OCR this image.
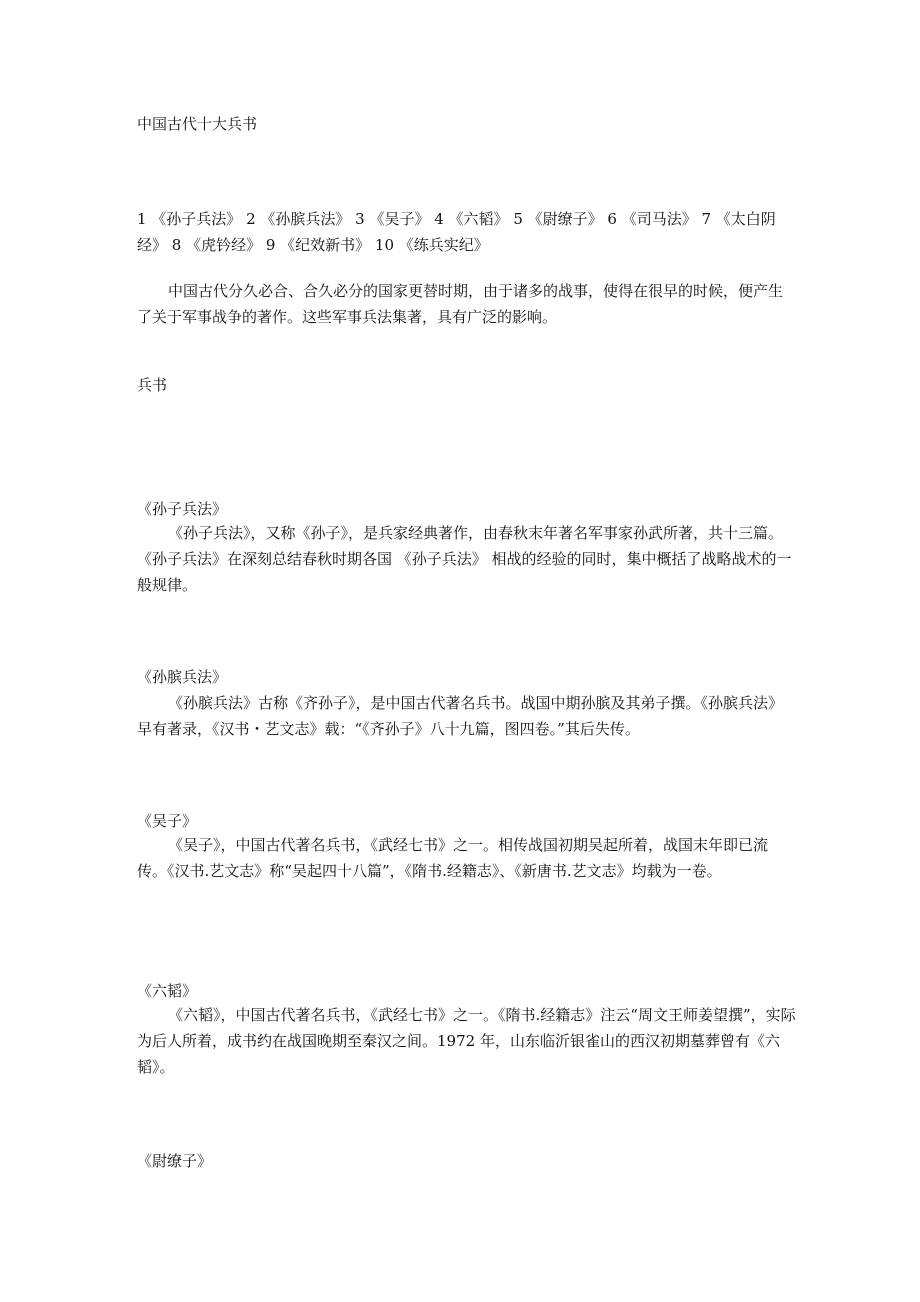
中国古代十大兵书

1 《孙子兵法》 2 《孙膑兵法》 3 《吴子》 4 《六韬》 5 《尉缭子》 6 《司马法》 7 《太白阴经》 8 《虎钤经》 9 《纪效新书》 10 《练兵实纪》

中国古代分久必合、合久必分的国家更替时期，由于诸多的战事，使得在很早的时候，便产生了关于军事战争的著作。这些军事兵法集著，具有广泛的影响。

兵书

《孙子兵法》

《孙子兵法》，又称《孙子》，是兵家经典著作，由春秋末年著名军事家孙武所著，共十三篇。《孙子兵法》在深刻总结春秋时期各国 《孙子兵法》 相战的经验的同时，集中概括了战略战术的一般规律。

《孙膑兵法》

《孙膑兵法》古称《齐孙子》，是中国古代著名兵书。战国中期孙膑及其弟子撰。《孙膑兵法》早有著录，《汉书・艺文志》载：“《齐孙子》八十九篇，图四卷。”其后失传。

《吴子》

《吴子》，中国古代著名兵书，《武经七书》之一。相传战国初期吴起所着，战国末年即已流传。《汉书.艺文志》称“吴起四十八篇”，《隋书.经籍志》、《新唐书.艺文志》均载为一卷。

《六韬》

《六韬》，中国古代著名兵书，《武经七书》之一。《隋书.经籍志》注云“周文王师姜望撰”，实际为后人所着，成书约在战国晚期至秦汉之间。1972 年，山东临沂银雀山的西汉初期墓葬曾有《六韬》。

《尉缭子》
